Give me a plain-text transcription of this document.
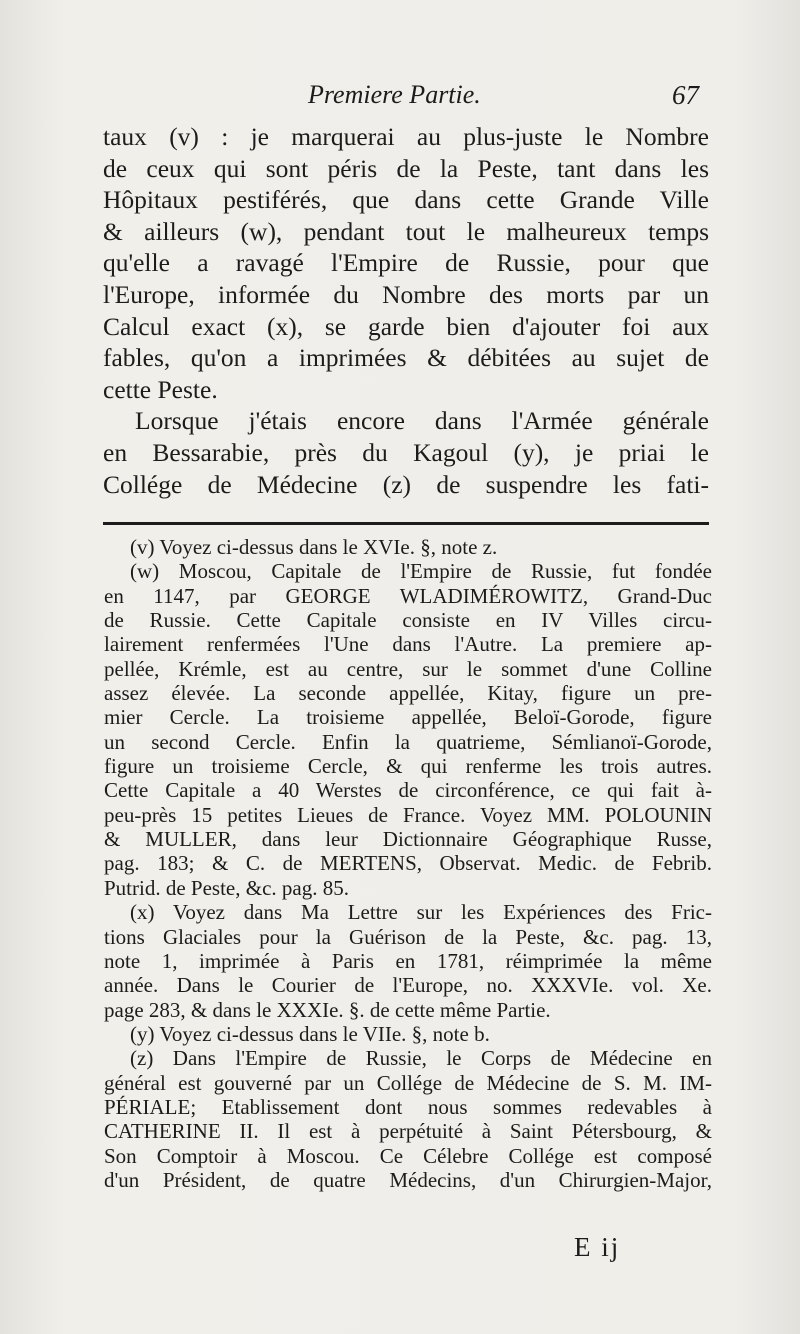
Premiere Partie.	67

taux (v) : je marquerai au plus-juste le Nombre

de ceux qui sont péris de la Peste, tant dans les

Hôpitaux pestiférés, que dans cette Grande Ville

& ailleurs (w), pendant tout le malheureux temps

qu'elle a ravagé l'Empire de Russie, pour que

l'Europe, informée du Nombre des morts par un

Calcul exact (x), se garde bien d'ajouter foi aux

fables, qu'on a imprimées & débitées au sujet de

cette Peste.

Lorsque j'étais encore dans l'Armée générale

en Bessarabie, près du Kagoul (y), je priai le

Collége de Médecine (z) de suspendre les fati-

(v) Voyez ci-dessus dans le XVIe. §, note z.

(w) Moscou, Capitale de l'Empire de Russie, fut fondée

en 1147, par GEORGE WLADIMÉROWITZ, Grand-Duc

de Russie. Cette Capitale consiste en IV Villes circu-

lairement renfermées l'Une dans l'Autre. La premiere ap-

pellée, Krémle, est au centre, sur le sommet d'une Colline

assez élevée. La seconde appellée, Kitay, figure un pre-

mier Cercle. La troisieme appellée, Beloï-Gorode, figure

un second Cercle. Enfin la quatrieme, Sémlianoï-Gorode,

figure un troisieme Cercle, & qui renferme les trois autres.

Cette Capitale a 40 Werstes de circonférence, ce qui fait à-

peu-près 15 petites Lieues de France. Voyez MM. POLOUNIN

& MULLER, dans leur Dictionnaire Géographique Russe,

pag. 183; & C. de MERTENS, Observat. Medic. de Febrib.

Putrid. de Peste, &c. pag. 85.

(x) Voyez dans Ma Lettre sur les Expériences des Fric-

tions Glaciales pour la Guérison de la Peste, &c. pag. 13,

note 1, imprimée à Paris en 1781, réimprimée la même

année. Dans le Courier de l'Europe, no. XXXVIe. vol. Xe.

page 283, & dans le XXXIe. §. de cette même Partie.

(y) Voyez ci-dessus dans le VIIe. §, note b.

(z) Dans l'Empire de Russie, le Corps de Médecine en

général est gouverné par un Collége de Médecine de S. M. IM-

PÉRIALE; Etablissement dont nous sommes redevables à

CATHERINE II. Il est à perpétuité à Saint Pétersbourg, &

Son Comptoir à Moscou. Ce Célebre Collége est composé

d'un Président, de quatre Médecins, d'un Chirurgien-Major,

E ij
